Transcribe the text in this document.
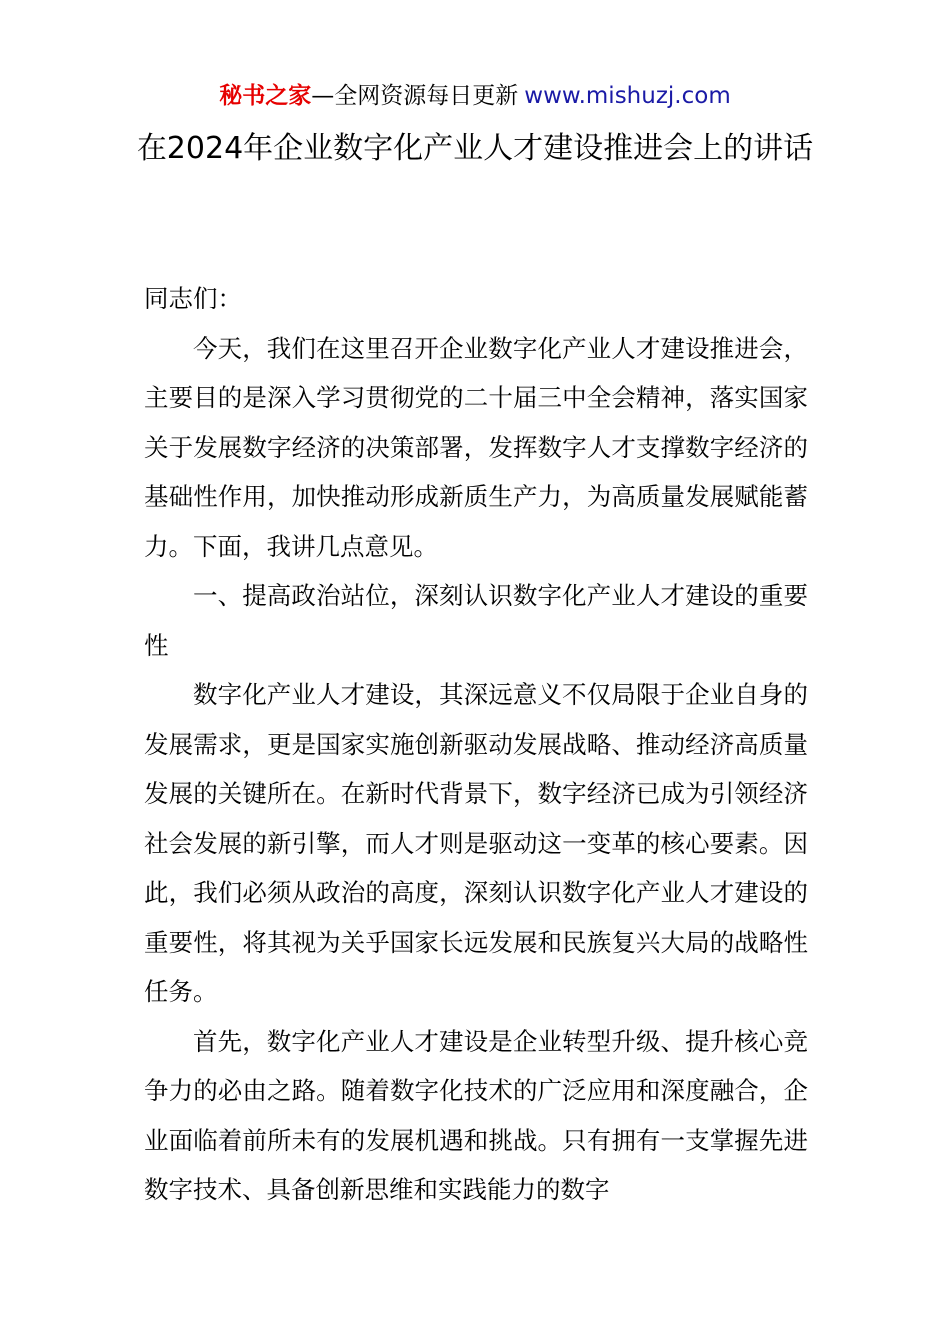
秘书之家—全网资源每日更新 www.mishuzj.com
在2024年企业数字化产业人才建设推进会上的讲话

同志们：

今天，我们在这里召开企业数字化产业人才建设推进会，主要目的是深入学习贯彻党的二十届三中全会精神，落实国家关于发展数字经济的决策部署，发挥数字人才支撑数字经济的基础性作用，加快推动形成新质生产力，为高质量发展赋能蓄力。下面，我讲几点意见。

一、提高政治站位，深刻认识数字化产业人才建设的重要性

数字化产业人才建设，其深远意义不仅局限于企业自身的发展需求，更是国家实施创新驱动发展战略、推动经济高质量发展的关键所在。在新时代背景下，数字经济已成为引领经济社会发展的新引擎，而人才则是驱动这一变革的核心要素。因此，我们必须从政治的高度，深刻认识数字化产业人才建设的重要性，将其视为关乎国家长远发展和民族复兴大局的战略性任务。

首先，数字化产业人才建设是企业转型升级、提升核心竞争力的必由之路。随着数字化技术的广泛应用和深度融合，企业面临着前所未有的发展机遇和挑战。只有拥有一支掌握先进数字技术、具备创新思维和实践能力的数字
